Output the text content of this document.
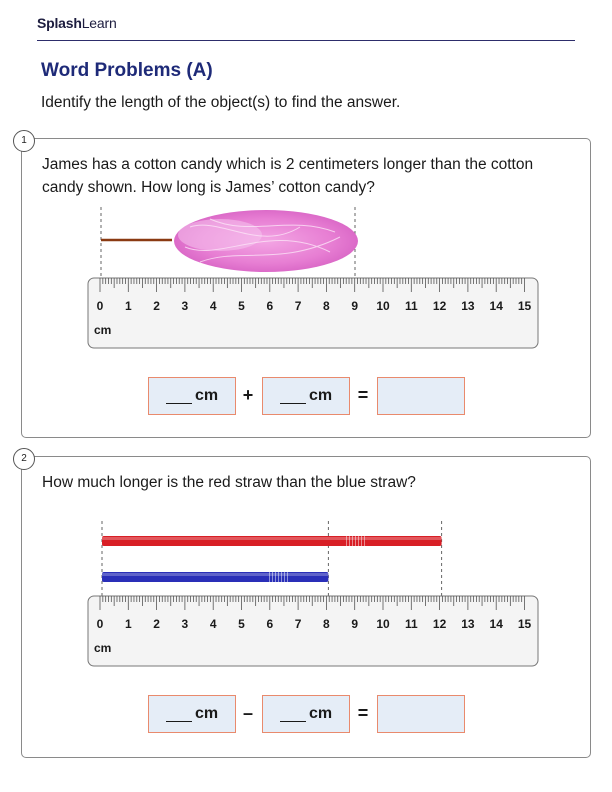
SplashLearn
Word Problems (A)
Identify the length of the object(s) to find the answer.
1
James has a cotton candy which is 2 centimeters longer than the cotton candy shown. How long is James’ cotton candy?
0 1 2 3 4 5 6 7 8 9 10 11 12 13 14 15
cm
cm +	cm =
2
How much longer is the red straw than the blue straw?
0 1 2 3 4 5 6 7 8 9 10 11 12 13 14 15
cm
cm –	cm =
